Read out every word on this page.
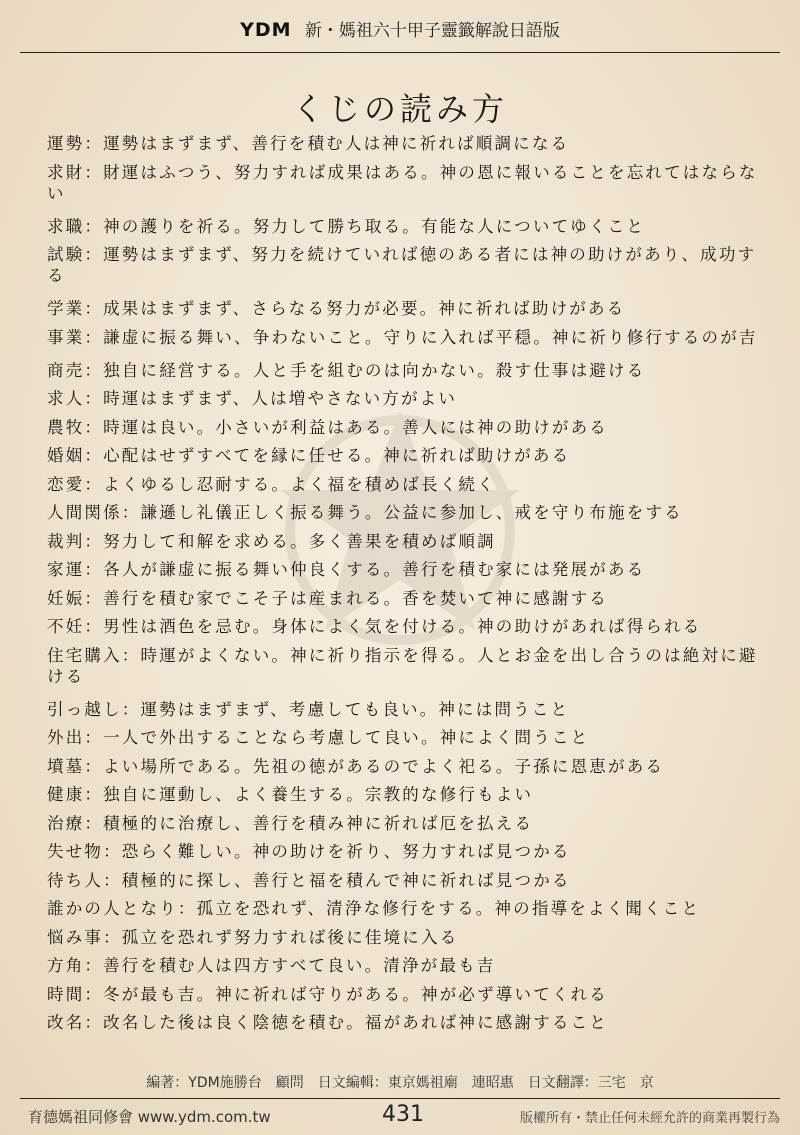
YDM 新・媽祖六十甲子靈籤解說日語版
くじの読み方

運勢：運勢はまずまず、善行を積む人は神に祈れば順調になる

求財：財運はふつう、努力すれば成果はある。神の恩に報いることを忘れてはならない

求職：神の護りを祈る。努力して勝ち取る。有能な人についてゆくこと

試験：運勢はまずまず、努力を続けていれば徳のある者には神の助けがあり、成功する

学業：成果はまずまず、さらなる努力が必要。神に祈れば助けがある

事業：謙虚に振る舞い、争わないこと。守りに入れば平穏。神に祈り修行するのが吉

商売：独自に経営する。人と手を組むのは向かない。殺す仕事は避ける

求人：時運はまずまず、人は増やさない方がよい

農牧：時運は良い。小さいが利益はある。善人には神の助けがある

婚姻：心配はせずすべてを縁に任せる。神に祈れば助けがある

恋愛：よくゆるし忍耐する。よく福を積めば長く続く

人間関係：謙遜し礼儀正しく振る舞う。公益に参加し、戒を守り布施をする

裁判：努力して和解を求める。多く善果を積めば順調

家運：各人が謙虚に振る舞い仲良くする。善行を積む家には発展がある

妊娠：善行を積む家でこそ子は産まれる。香を焚いて神に感謝する

不妊：男性は酒色を忌む。身体によく気を付ける。神の助けがあれば得られる

住宅購入：時運がよくない。神に祈り指示を得る。人とお金を出し合うのは絶対に避ける

引っ越し：運勢はまずまず、考慮しても良い。神には問うこと

外出：一人で外出することなら考慮して良い。神によく問うこと

墳墓：よい場所である。先祖の徳があるのでよく祀る。子孫に恩恵がある

健康：独自に運動し、よく養生する。宗教的な修行もよい

治療：積極的に治療し、善行を積み神に祈れば厄を払える

失せ物：恐らく難しい。神の助けを祈り、努力すれば見つかる

待ち人：積極的に探し、善行と福を積んで神に祈れば見つかる

誰かの人となり：孤立を恐れず、清浄な修行をする。神の指導をよく聞くこと

悩み事：孤立を恐れず努力すれば後に佳境に入る

方角：善行を積む人は四方すべて良い。清浄が最も吉

時間：冬が最も吉。神に祈れば守りがある。神が必ず導いてくれる

改名：改名した後は良く陰徳を積む。福があれば神に感謝すること

編著：YDM施勝台　顧問　日文編輯：東京媽祖廟　連昭惠　日文翻譯：三宅　京
育德媽祖同修會 www.ydm.com.tw	431	版權所有・禁止任何未經允許的商業再製行為
